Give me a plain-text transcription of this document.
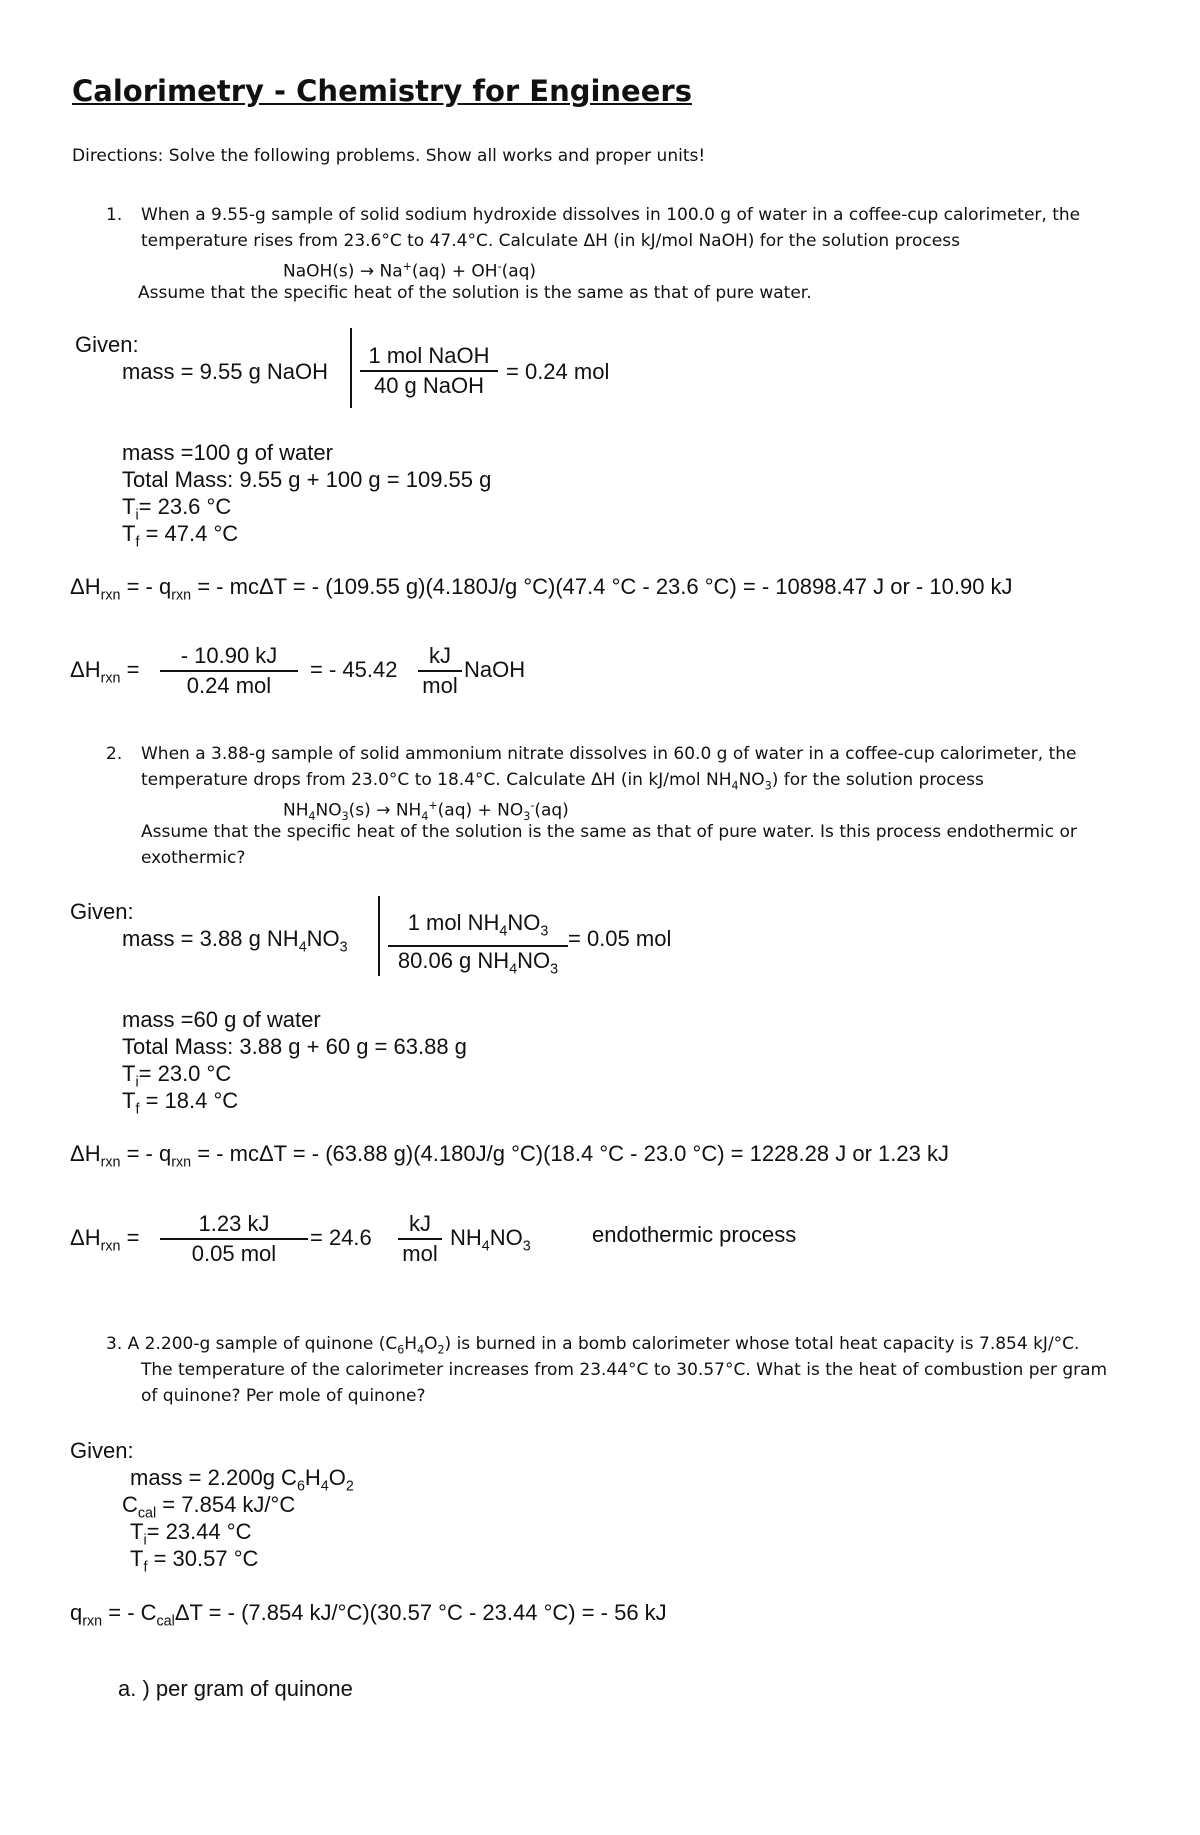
Calorimetry - Chemistry for Engineers
Directions: Solve the following problems. Show all works and proper units!
1. When a 9.55-g sample of solid sodium hydroxide dissolves in 100.0 g of water in a coffee-cup calorimeter, the
temperature rises from 23.6°C to 47.4°C. Calculate ΔH (in kJ/mol NaOH) for the solution process
NaOH(s) → Na+(aq) + OH-(aq)
Assume that the specific heat of the solution is the same as that of pure water.
Given:
mass = 9.55 g NaOH
1 mol NaOH
40 g NaOH
= 0.24 mol
mass =100 g of water
Total Mass: 9.55 g + 100 g = 109.55 g
$T_i= 23.6$ °C
$T_f = 47.4$ °C
$\Delta H_{rxn}$ = - $q_{rxn}$ = - mcΔT = - (109.55 g)(4.180J/g °C)(47.4 °C - 23.6 °C) = - 10898.47 J or - 10.90 kJ
$\Delta H_{rxn}$ =
- 10.90 kJ
0.24 mol
= - 45.42
kJ
mol
NaOH
2. When a 3.88-g sample of solid ammonium nitrate dissolves in 60.0 g of water in a coffee-cup calorimeter, the
temperature drops from 23.0°C to 18.4°C. Calculate ΔH (in kJ/mol $NH_4NO_3$) for the solution process
$NH_4NO_3(s) \to NH_4^+(aq) + NO_3^-(aq)$
Assume that the specific heat of the solution is the same as that of pure water. Is this process endothermic or
exothermic?
Given:
mass = 3.88 g $NH_4NO_3$
1 mol $NH_4NO_3$
80.06 g $NH_4NO_3$
= 0.05 mol
mass =60 g of water
Total Mass: 3.88 g + 60 g = 63.88 g
$T_i= 23.0$ °C
$T_f = 18.4$ °C
$\Delta H_{rxn}$ = - $q_{rxn}$ = - mcΔT = - (63.88 g)(4.180J/g °C)(18.4 °C - 23.0 °C) = 1228.28 J or 1.23 kJ
$\Delta H_{rxn}$ =
1.23 kJ
0.05 mol
= 24.6
kJ
mol
$NH_4NO_3$	endothermic process
3. A 2.200-g sample of quinone $(C_6H_4O_2)$ is burned in a bomb calorimeter whose total heat capacity is 7.854 kJ/°C.
The temperature of the calorimeter increases from 23.44°C to 30.57°C. What is the heat of combustion per gram
of quinone? Per mole of quinone?
Given:
mass = 2.200g $C_6H_4O_2$
$C_{cal} = 7.854$ kJ/°C
$T_i= 23.44$ °C
$T_f = 30.57$ °C
$q_{rxn}$ = - $C_{cal}\Delta T$ = - (7.854 kJ/°C)(30.57 °C - 23.44 °C) = - 56 kJ
a. ) per gram of quinone
